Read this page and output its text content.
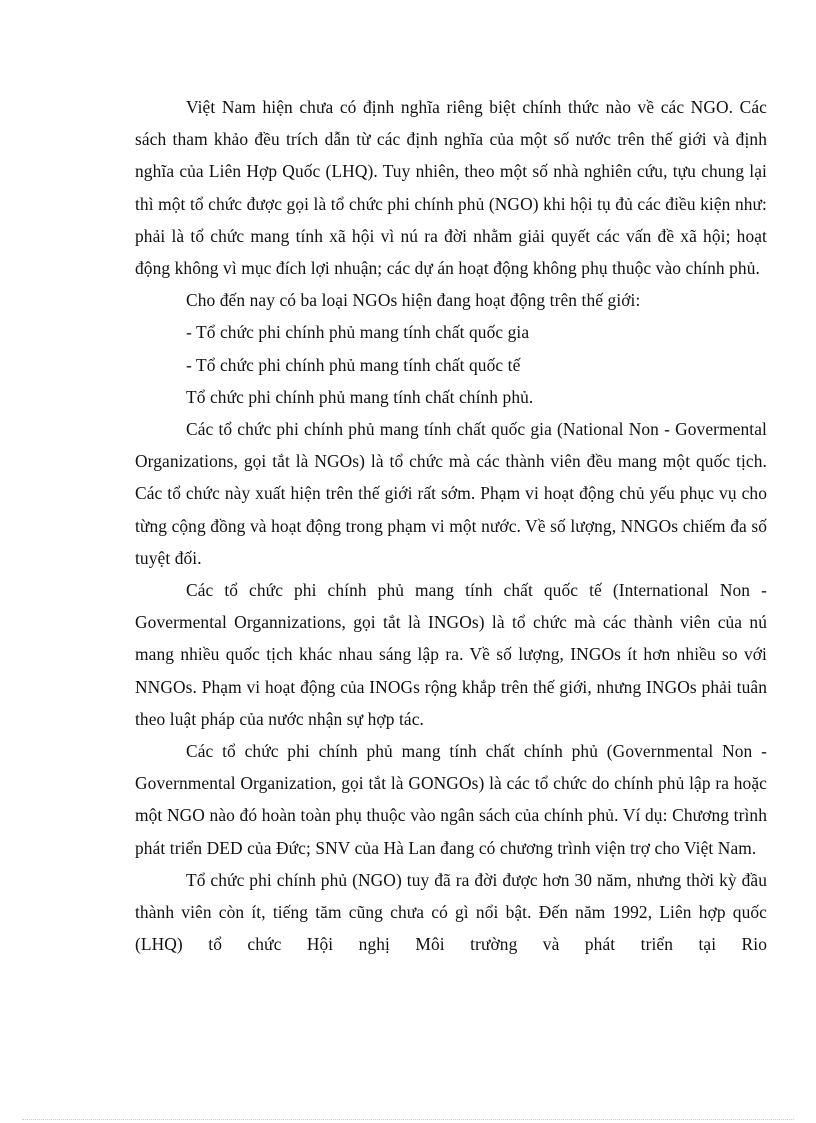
Việt Nam hiện chưa có định nghĩa riêng biệt chính thức nào về các NGO. Các sách tham khảo đều trích dẫn từ các định nghĩa của một số nước trên thế giới và định nghĩa của Liên Hợp Quốc (LHQ). Tuy nhiên, theo một số nhà nghiên cứu, tựu chung lại thì một tổ chức được gọi là tổ chức phi chính phủ (NGO) khi hội tụ đủ các điều kiện như: phải là tổ chức mang tính xã hội vì nú ra đời nhằm giải quyết các vấn đề xã hội; hoạt động không vì mục đích lợi nhuận; các dự án hoạt động không phụ thuộc vào chính phủ.

Cho đến nay có ba loại NGOs hiện đang hoạt động trên thế giới:

- Tổ chức phi chính phủ mang tính chất quốc gia

- Tổ chức phi chính phủ mang tính chất quốc tế

Tổ chức phi chính phủ mang tính chất chính phủ.

Các tổ chức phi chính phủ mang tính chất quốc gia (National Non - Govermental Organizations, gọi tắt là NGOs) là tổ chức mà các thành viên đều mang một quốc tịch. Các tổ chức này xuất hiện trên thế giới rất sớm. Phạm vi hoạt động chủ yếu phục vụ cho từng cộng đồng và hoạt động trong phạm vi một nước. Về số lượng, NNGOs chiếm đa số tuyệt đối.

Các tổ chức phi chính phủ mang tính chất quốc tế (International Non - Govermental Organnizations, gọi tắt là INGOs) là tổ chức mà các thành viên của nú mang nhiều quốc tịch khác nhau sáng lập ra. Về số lượng, INGOs ít hơn nhiều so với NNGOs. Phạm vi hoạt động của INOGs rộng khắp trên thế giới, nhưng INGOs phải tuân theo luật pháp của nước nhận sự hợp tác.

Các tổ chức phi chính phủ mang tính chất chính phủ (Governmental Non - Governmental Organization, gọi tắt là GONGOs) là các tổ chức do chính phủ lập ra hoặc một NGO nào đó hoàn toàn phụ thuộc vào ngân sách của chính phủ. Ví dụ: Chương trình phát triển DED của Đức; SNV của Hà Lan đang có chương trình viện trợ cho Việt Nam.

Tổ chức phi chính phủ (NGO) tuy đã ra đời được hơn 30 năm, nhưng thời kỳ đầu thành viên còn ít, tiếng tăm cũng chưa có gì nổi bật. Đến năm 1992, Liên hợp quốc (LHQ) tổ chức Hội nghị Môi trường và phát triển tại Rio
